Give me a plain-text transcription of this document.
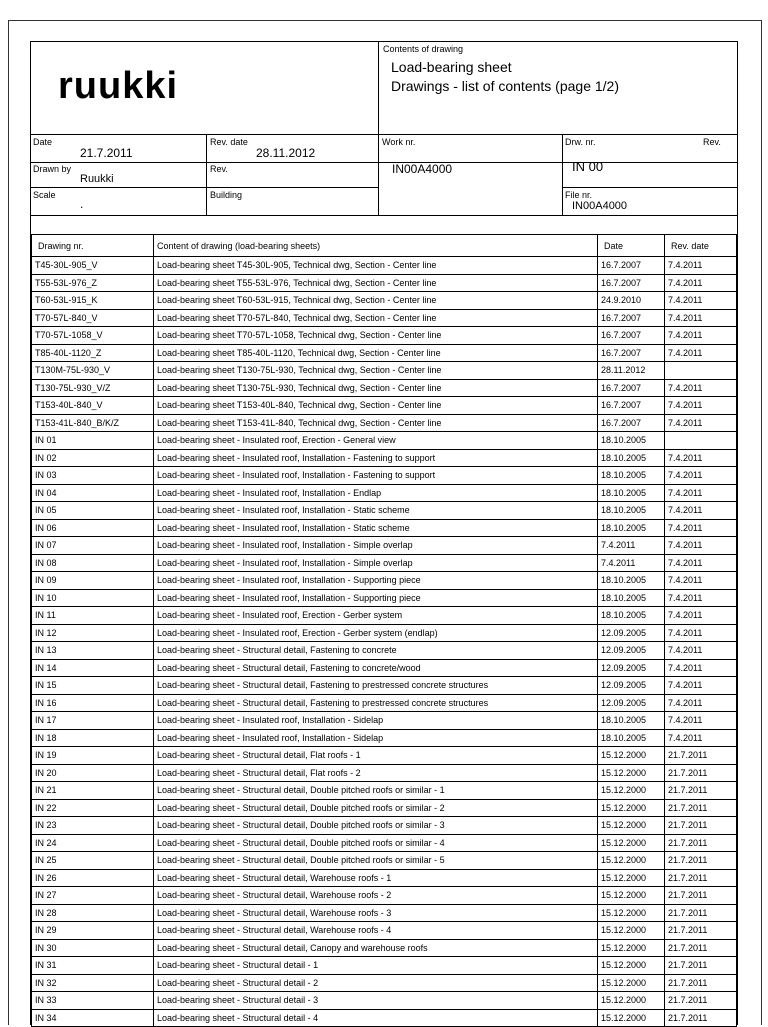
ruukki
Contents of drawing
Load-bearing sheet
Drawings - list of contents (page 1/2)
Date
21.7.2011
Rev. date
28.11.2012
Work nr.
IN00A4000
Drw. nr.
IN 00
Rev.
Drawn by
Ruukki
Rev.
Scale
.
Building	File nr.
IN00A4000
Drawing nr.	Content of drawing (load-bearing sheets)	Date	Rev. date
T45-30L-905_V	Load-bearing sheet T45-30L-905, Technical dwg, Section - Center line	16.7.2007	7.4.2011
T55-53L-976_Z	Load-bearing sheet T55-53L-976, Technical dwg, Section - Center line	16.7.2007	7.4.2011
T60-53L-915_K	Load-bearing sheet T60-53L-915, Technical dwg, Section - Center line	24.9.2010	7.4.2011
T70-57L-840_V	Load-bearing sheet T70-57L-840, Technical dwg, Section - Center line	16.7.2007	7.4.2011
T70-57L-1058_V	Load-bearing sheet T70-57L-1058, Technical dwg, Section - Center line	16.7.2007	7.4.2011
T85-40L-1120_Z	Load-bearing sheet T85-40L-1120, Technical dwg, Section - Center line	16.7.2007	7.4.2011
T130M-75L-930_V	Load-bearing sheet T130-75L-930, Technical dwg, Section - Center line	28.11.2012	
T130-75L-930_V/Z	Load-bearing sheet T130-75L-930, Technical dwg, Section - Center line	16.7.2007	7.4.2011
T153-40L-840_V	Load-bearing sheet T153-40L-840, Technical dwg, Section - Center line	16.7.2007	7.4.2011
T153-41L-840_B/K/Z	Load-bearing sheet T153-41L-840, Technical dwg, Section - Center line	16.7.2007	7.4.2011
IN 01	Load-bearing sheet - Insulated roof, Erection - General view	18.10.2005	
IN 02	Load-bearing sheet - Insulated roof, Installation - Fastening to support	18.10.2005	7.4.2011
IN 03	Load-bearing sheet - Insulated roof, Installation - Fastening to support	18.10.2005	7.4.2011
IN 04	Load-bearing sheet - Insulated roof, Installation - Endlap	18.10.2005	7.4.2011
IN 05	Load-bearing sheet - Insulated roof, Installation - Static scheme	18.10.2005	7.4.2011
IN 06	Load-bearing sheet - Insulated roof, Installation - Static scheme	18.10.2005	7.4.2011
IN 07	Load-bearing sheet - Insulated roof, Installation - Simple overlap	7.4.2011	7.4.2011
IN 08	Load-bearing sheet - Insulated roof, Installation - Simple overlap	7.4.2011	7.4.2011
IN 09	Load-bearing sheet - Insulated roof, Installation - Supporting piece	18.10.2005	7.4.2011
IN 10	Load-bearing sheet - Insulated roof, Installation - Supporting piece	18.10.2005	7.4.2011
IN 11	Load-bearing sheet - Insulated roof, Erection - Gerber system	18.10.2005	7.4.2011
IN 12	Load-bearing sheet - Insulated roof, Erection - Gerber system (endlap)	12.09.2005	7.4.2011
IN 13	Load-bearing sheet - Structural detail, Fastening to concrete	12.09.2005	7.4.2011
IN 14	Load-bearing sheet - Structural detail, Fastening to concrete/wood	12.09.2005	7.4.2011
IN 15	Load-bearing sheet - Structural detail, Fastening to prestressed concrete structures	12.09.2005	7.4.2011
IN 16	Load-bearing sheet - Structural detail, Fastening to prestressed concrete structures	12.09.2005	7.4.2011
IN 17	Load-bearing sheet - Insulated roof, Installation - Sidelap	18.10.2005	7.4.2011
IN 18	Load-bearing sheet - Insulated roof, Installation - Sidelap	18.10.2005	7.4.2011
IN 19	Load-bearing sheet - Structural detail, Flat roofs - 1	15.12.2000	21.7.2011
IN 20	Load-bearing sheet - Structural detail, Flat roofs - 2	15.12.2000	21.7.2011
IN 21	Load-bearing sheet - Structural detail, Double pitched roofs or similar - 1	15.12.2000	21.7.2011
IN 22	Load-bearing sheet - Structural detail, Double pitched roofs or similar - 2	15.12.2000	21.7.2011
IN 23	Load-bearing sheet - Structural detail, Double pitched roofs or similar - 3	15.12.2000	21.7.2011
IN 24	Load-bearing sheet - Structural detail, Double pitched roofs or similar - 4	15.12.2000	21.7.2011
IN 25	Load-bearing sheet - Structural detail, Double pitched roofs or similar - 5	15.12.2000	21.7.2011
IN 26	Load-bearing sheet - Structural detail, Warehouse roofs - 1	15.12.2000	21.7.2011
IN 27	Load-bearing sheet - Structural detail, Warehouse roofs - 2	15.12.2000	21.7.2011
IN 28	Load-bearing sheet - Structural detail, Warehouse roofs - 3	15.12.2000	21.7.2011
IN 29	Load-bearing sheet - Structural detail, Warehouse roofs - 4	15.12.2000	21.7.2011
IN 30	Load-bearing sheet - Structural detail, Canopy and warehouse roofs	15.12.2000	21.7.2011
IN 31	Load-bearing sheet - Structural detail - 1	15.12.2000	21.7.2011
IN 32	Load-bearing sheet - Structural detail - 2	15.12.2000	21.7.2011
IN 33	Load-bearing sheet - Structural detail - 3	15.12.2000	21.7.2011
IN 34	Load-bearing sheet - Structural detail - 4	15.12.2000	21.7.2011
